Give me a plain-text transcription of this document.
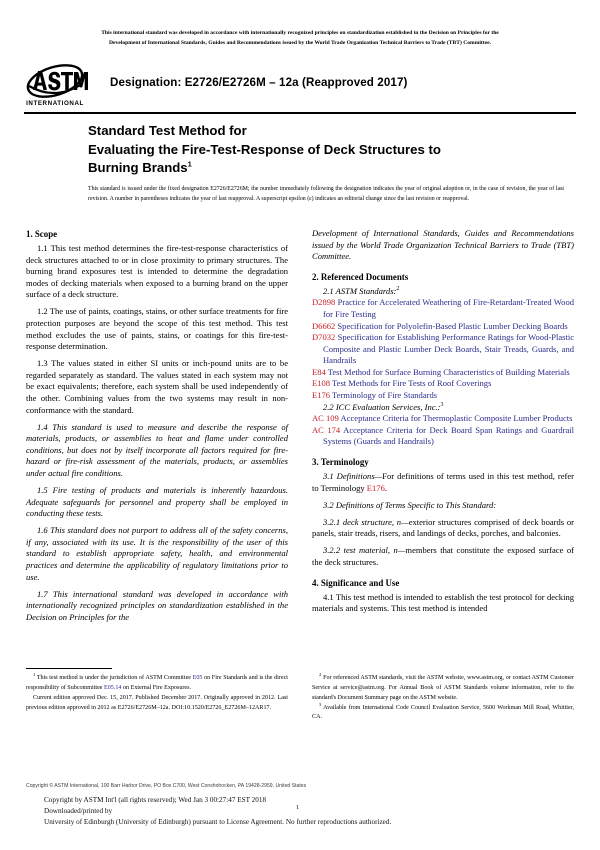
This international standard was developed in accordance with internationally recognized principles on standardization established in the Decision on Principles for the
Development of International Standards, Guides and Recommendations issued by the World Trade Organization Technical Barriers to Trade (TBT) Committee.
INTERNATIONAL
Designation: E2726/E2726M – 12a (Reapproved 2017)
Standard Test Method for
Evaluating the Fire-Test-Response of Deck Structures to
Burning Brands$^1$
This standard is issued under the fixed designation E2726/E2726M; the number immediately following the designation indicates the year of original adoption or, in the case of revision, the year of last revision. A number in parentheses indicates the year of last reapproval. A superscript epsilon (ε) indicates an editorial change since the last revision or reapproval.
1. Scope

1.1 This test method determines the fire-test-response characteristics of deck structures attached to or in close proximity to primary structures. The burning brand exposures test is intended to determine the degradation modes of decking materials when exposed to a burning brand on the upper surface of a deck structure.

1.2 The use of paints, coatings, stains, or other surface treatments for fire protection purposes are beyond the scope of this test method. This test method excludes the use of paints, stains, or coatings for this fire-test-response determination.

1.3 The values stated in either SI units or inch-pound units are to be regarded separately as standard. The values stated in each system may not be exact equivalents; therefore, each system shall be used independently of the other. Combining values from the two systems may result in non-conformance with the standard.

1.4 This standard is used to measure and describe the response of materials, products, or assemblies to heat and flame under controlled conditions, but does not by itself incorporate all factors required for fire-hazard or fire-risk assessment of the materials, products, or assemblies under actual fire conditions.

1.5 Fire testing of products and materials is inherently hazardous. Adequate safeguards for personnel and property shall be employed in conducting these tests.

1.6 This standard does not purport to address all of the safety concerns, if any, associated with its use. It is the responsibility of the user of this standard to establish appropriate safety, health, and environmental practices and determine the applicability of regulatory limitations prior to use.

1.7 This international standard was developed in accordance with internationally recognized principles on standardization established in the Decision on Principles for the

Development of International Standards, Guides and Recommendations issued by the World Trade Organization Technical Barriers to Trade (TBT) Committee.

2. Referenced Documents

2.1 ASTM Standards:$^2$

D2898 Practice for Accelerated Weathering of Fire-Retardant-Treated Wood for Fire Testing

D6662 Specification for Polyolefin-Based Plastic Lumber Decking Boards

D7032 Specification for Establishing Performance Ratings for Wood-Plastic Composite and Plastic Lumber Deck Boards, Stair Treads, Guards, and Handrails

E84 Test Method for Surface Burning Characteristics of Building Materials

E108 Test Methods for Fire Tests of Roof Coverings

E176 Terminology of Fire Standards

2.2 ICC Evaluation Services, Inc.:$^3$

AC 109 Acceptance Criteria for Thermoplastic Composite Lumber Products

AC 174 Acceptance Criteria for Deck Board Span Ratings and Guardrail Systems (Guards and Handrails)

3. Terminology

3.1 Definitions—For definitions of terms used in this test method, refer to Terminology E176.

3.2 Definitions of Terms Specific to This Standard:

3.2.1 deck structure, n—exterior structures comprised of deck boards or panels, stair treads, risers, and landings of decks, porches, and balconies.

3.2.2 test material, n—members that constitute the exposed surface of the deck structures.

4. Significance and Use

4.1 This test method is intended to establish the test protocol for decking materials and systems. This test method is intended

$^1$ This test method is under the jurisdiction of ASTM Committee E05 on Fire Standards and is the direct responsibility of Subcommittee E05.14 on External Fire Exposures.

Current edition approved Dec. 15, 2017. Published December 2017. Originally approved in 2012. Last previous edition approved in 2012 as E2726/E2726M–12a. DOI:10.1520/E2726_E2726M–12AR17.

$^2$ For referenced ASTM standards, visit the ASTM website, www.astm.org, or contact ASTM Customer Service at service@astm.org. For Annual Book of ASTM Standards volume information, refer to the standard's Document Summary page on the ASTM website.

$^3$ Available from International Code Council Evaluation Service, 5600 Workman Mill Road, Whittier, CA.

Copyright © ASTM International, 100 Barr Harbor Drive, PO Box C700, West Conshohocken, PA 19428-2959. United States
Copyright by ASTM Int'l (all rights reserved); Wed Jan 3 00:27:47 EST 2018
Downloaded/printed by
University of Edinburgh (University of Edinburgh) pursuant to License Agreement. No further reproductions authorized.
1
